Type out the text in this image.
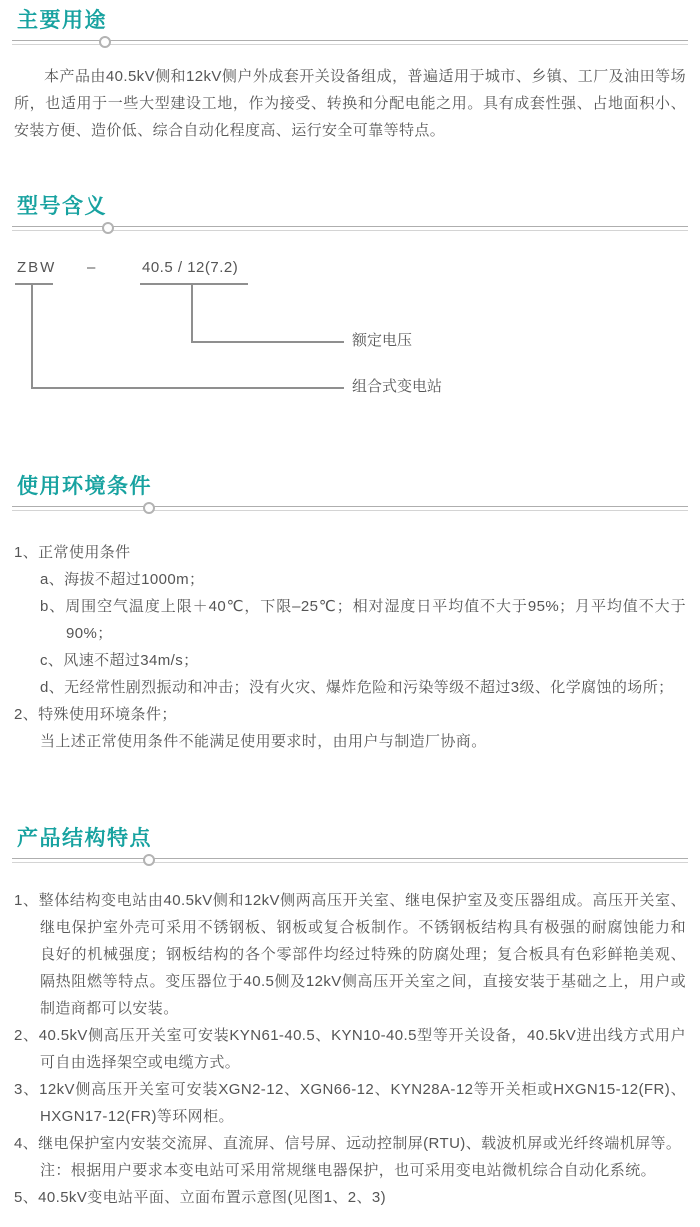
主要用途
本产品由40.5kV侧和12kV侧户外成套开关设备组成，普遍适用于城市、乡镇、工厂及油田等场所，也适用于一些大型建设工地，作为接受、转换和分配电能之用。具有成套性强、占地面积小、安装方便、造价低、综合自动化程度高、运行安全可靠等特点。
型号含义
ZBW –	40.5 / 12(7.2)
额定电压
组合式变电站
使用环境条件
1、正常使用条件
a、海拔不超过1000m；
b、周围空气温度上限＋40℃，下限–25℃；相对湿度日平均值不大于95%；月平均值不大于90%；
c、风速不超过34m/s；
d、无经常性剧烈振动和冲击；没有火灾、爆炸危险和污染等级不超过3级、化学腐蚀的场所；
2、特殊使用环境条件；
当上述正常使用条件不能满足使用要求时，由用户与制造厂协商。
产品结构特点
1、整体结构变电站由40.5kV侧和12kV侧两高压开关室、继电保护室及变压器组成。高压开关室、继电保护室外壳可采用不锈钢板、钢板或复合板制作。不锈钢板结构具有极强的耐腐蚀能力和良好的机械强度；钢板结构的各个零部件均经过特殊的防腐处理；复合板具有色彩鲜艳美观、隔热阻燃等特点。变压器位于40.5侧及12kV侧高压开关室之间，直接安装于基础之上，用户或制造商都可以安装。
2、40.5kV侧高压开关室可安装KYN61-40.5、KYN10-40.5型等开关设备，40.5kV进出线方式用户可自由选择架空或电缆方式。
3、12kV侧高压开关室可安装XGN2-12、XGN66-12、KYN28A-12等开关柜或HXGN15-12(FR)、HXGN17-12(FR)等环网柜。
4、继电保护室内安装交流屏、直流屏、信号屏、远动控制屏(RTU)、载波机屏或光纤终端机屏等。
注：根据用户要求本变电站可采用常规继电器保护，也可采用变电站微机综合自动化系统。
5、40.5kV变电站平面、立面布置示意图(见图1、2、3)
